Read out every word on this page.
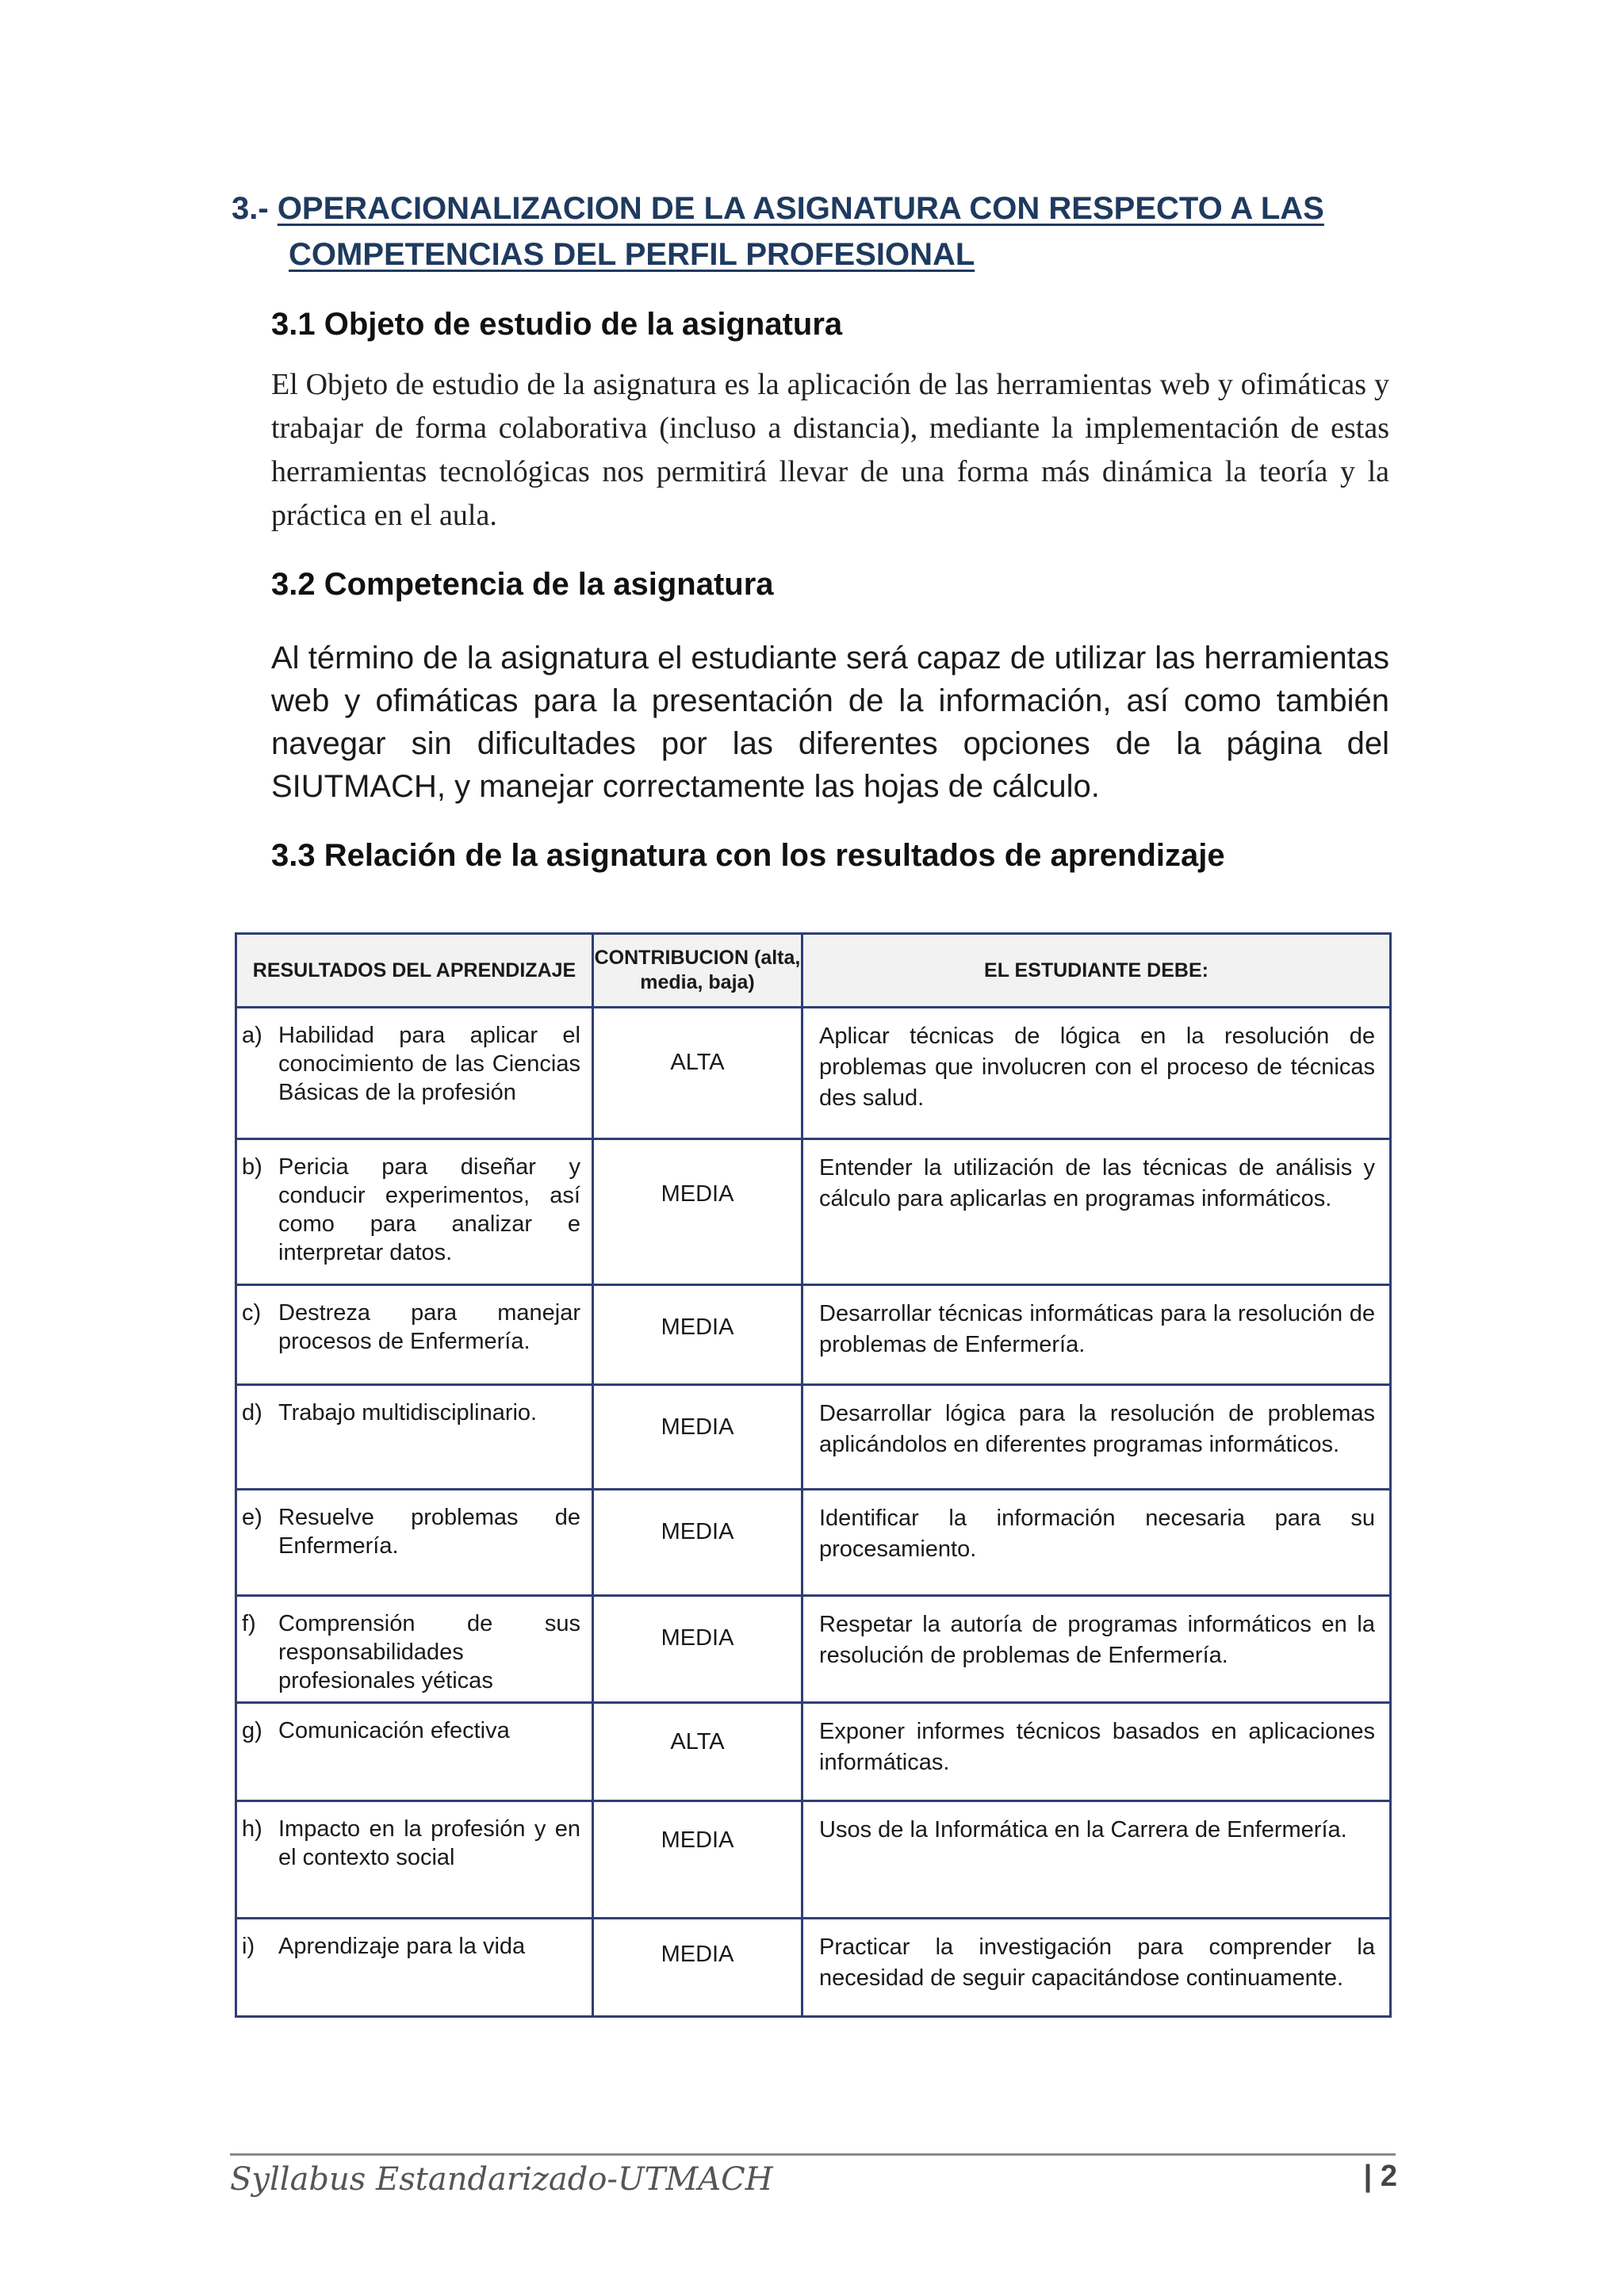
3.- OPERACIONALIZACION DE LA ASIGNATURA CON RESPECTO A LAS
COMPETENCIAS DEL PERFIL PROFESIONAL
3.1 Objeto de estudio de la asignatura
El Objeto de estudio de la asignatura es la aplicación de las herramientas web y ofimáticas y trabajar de forma colaborativa (incluso a distancia), mediante la implementación de estas herramientas tecnológicas nos permitirá llevar de una forma más dinámica la teoría y la práctica en el aula.
3.2 Competencia de la asignatura
Al término de la asignatura el estudiante será capaz de utilizar las herramientas web y ofimáticas para la presentación de la información, así como también navegar sin dificultades por las diferentes opciones de la página del SIUTMACH, y manejar correctamente las hojas de cálculo.
3.3 Relación de la asignatura con los resultados de aprendizaje
RESULTADOS DEL APRENDIZAJE	CONTRIBUCION (alta, media, baja)	EL ESTUDIANTE DEBE:

a) Habilidad para aplicar el conocimiento de las Ciencias Básicas de la profesión	ALTA	Aplicar técnicas de lógica en la resolución de problemas que involucren con el proceso de técnicas des salud.

b) Pericia para diseñar y conducir experimentos, así como para analizar e interpretar datos.	MEDIA	Entender la utilización de las técnicas de análisis y cálculo para aplicarlas en programas informáticos.

c) Destreza para manejar procesos de Enfermería.	MEDIA	Desarrollar técnicas informáticas para la resolución de problemas de Enfermería.

d) Trabajo multidisciplinario.	MEDIA	Desarrollar lógica para la resolución de problemas aplicándolos en diferentes programas informáticos.

e) Resuelve problemas de Enfermería.	MEDIA	Identificar la información necesaria para su procesamiento.

f) Comprensión de sus responsabilidades profesionales yéticas	MEDIA	Respetar la autoría de programas informáticos en la resolución de problemas de Enfermería.

g) Comunicación efectiva	ALTA	Exponer informes técnicos basados en aplicaciones informáticas.

h) Impacto en la profesión y en el contexto social	MEDIA	Usos de la Informática en la Carrera de Enfermería.

i) Aprendizaje para la vida	MEDIA	Practicar la investigación para comprender la necesidad de seguir capacitándose continuamente.
Syllabus Estandarizado-UTMACH	| 2
